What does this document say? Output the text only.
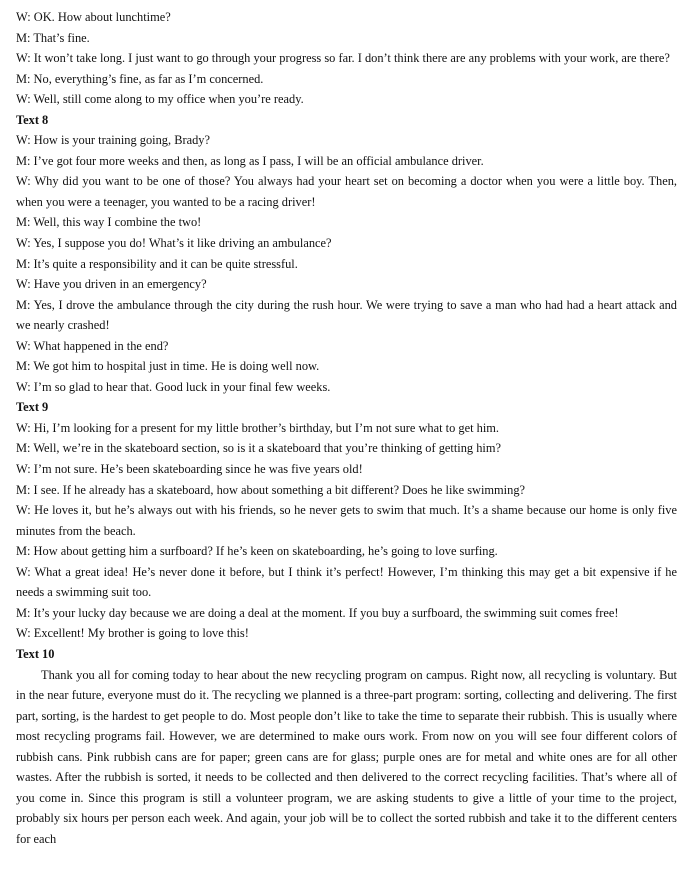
W: OK. How about lunchtime?

M: That’s fine.

W: It won’t take long. I just want to go through your progress so far. I don’t think there are any problems with your work, are there?

M: No, everything’s fine, as far as I’m concerned.

W: Well, still come along to my office when you’re ready.

Text 8

W: How is your training going, Brady?

M: I’ve got four more weeks and then, as long as I pass, I will be an official ambulance driver.

W: Why did you want to be one of those? You always had your heart set on becoming a doctor when you were a little boy. Then, when you were a teenager, you wanted to be a racing driver!

M: Well, this way I combine the two!

W: Yes, I suppose you do! What’s it like driving an ambulance?

M: It’s quite a responsibility and it can be quite stressful.

W: Have you driven in an emergency?

M: Yes, I drove the ambulance through the city during the rush hour. We were trying to save a man who had had a heart attack and we nearly crashed!

W: What happened in the end?

M: We got him to hospital just in time. He is doing well now.

W: I’m so glad to hear that. Good luck in your final few weeks.

Text 9

W: Hi, I’m looking for a present for my little brother’s birthday, but I’m not sure what to get him.

M: Well, we’re in the skateboard section, so is it a skateboard that you’re thinking of getting him?

W: I’m not sure. He’s been skateboarding since he was five years old!

M: I see. If he already has a skateboard, how about something a bit different? Does he like swimming?

W: He loves it, but he’s always out with his friends, so he never gets to swim that much. It’s a shame because our home is only five minutes from the beach.

M: How about getting him a surfboard? If he’s keen on skateboarding, he’s going to love surfing.

W: What a great idea! He’s never done it before, but I think it’s perfect! However, I’m thinking this may get a bit expensive if he needs a swimming suit too.

M: It’s your lucky day because we are doing a deal at the moment. If you buy a surfboard, the swimming suit comes free!

W: Excellent! My brother is going to love this!

Text 10

Thank you all for coming today to hear about the new recycling program on campus. Right now, all recycling is voluntary. But in the near future, everyone must do it. The recycling we planned is a three-part program: sorting, collecting and delivering. The first part, sorting, is the hardest to get people to do. Most people don’t like to take the time to separate their rubbish. This is usually where most recycling programs fail. However, we are determined to make ours work. From now on you will see four different colors of rubbish cans. Pink rubbish cans are for paper; green cans are for glass; purple ones are for metal and white ones are for all other wastes. After the rubbish is sorted, it needs to be collected and then delivered to the correct recycling facilities. That’s where all of you come in. Since this program is still a volunteer program, we are asking students to give a little of your time to the project, probably six hours per person each week. And again, your job will be to collect the sorted rubbish and take it to the different centers for each
